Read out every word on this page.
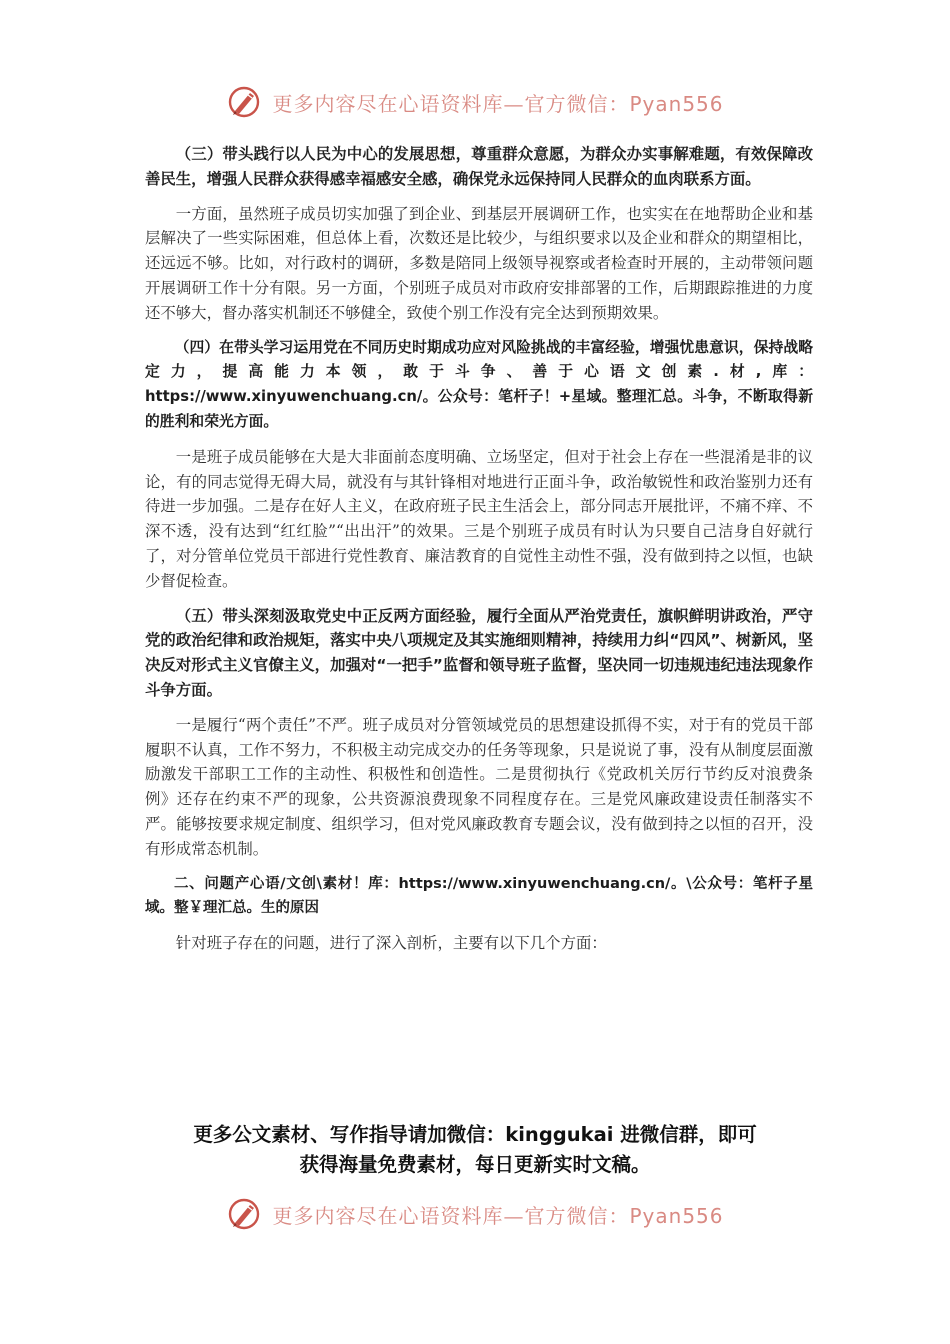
更多内容尽在心语资料库—官方微信：Pyan556

（三）带头践行以人民为中心的发展思想，尊重群众意愿，为群众办实事解难题，有效保障改善民生，增强人民群众获得感幸福感安全感，确保党永远保持同人民群众的血肉联系方面。

一方面，虽然班子成员切实加强了到企业、到基层开展调研工作，也实实在在地帮助企业和基层解决了一些实际困难，但总体上看，次数还是比较少，与组织要求以及企业和群众的期望相比，还远远不够。比如，对行政村的调研，多数是陪同上级领导视察或者检查时开展的，主动带领问题开展调研工作十分有限。另一方面，个别班子成员对市政府安排部署的工作，后期跟踪推进的力度还不够大，督办落实机制还不够健全，致使个别工作没有完全达到预期效果。

（四）在带头学习运用党在不同历史时期成功应对风险挑战的丰富经验，增强忧患意识，保持战略定力，提高能力本领，敢于斗争、善于心语文创素.材,库：https://www.xinyuwenchuang.cn/。公众号：笔杆子！+星域。整理汇总。斗争，不断取得新的胜利和荣光方面。

一是班子成员能够在大是大非面前态度明确、立场坚定，但对于社会上存在一些混淆是非的议论，有的同志觉得无碍大局，就没有与其针锋相对地进行正面斗争，政治敏锐性和政治鉴别力还有待进一步加强。二是存在好人主义，在政府班子民主生活会上，部分同志开展批评，不痛不痒、不深不透，没有达到“红红脸”“出出汗”的效果。三是个别班子成员有时认为只要自己洁身自好就行了，对分管单位党员干部进行党性教育、廉洁教育的自觉性主动性不强，没有做到持之以恒，也缺少督促检查。

（五）带头深刻汲取党史中正反两方面经验，履行全面从严治党责任，旗帜鲜明讲政治，严守党的政治纪律和政治规矩，落实中央八项规定及其实施细则精神，持续用力纠“四风”、树新风，坚决反对形式主义官僚主义，加强对“一把手”监督和领导班子监督，坚决同一切违规违纪违法现象作斗争方面。

一是履行“两个责任”不严。班子成员对分管领域党员的思想建设抓得不实，对于有的党员干部履职不认真，工作不努力，不积极主动完成交办的任务等现象，只是说说了事，没有从制度层面激励激发干部职工工作的主动性、积极性和创造性。二是贯彻执行《党政机关厉行节约反对浪费条例》还存在约束不严的现象，公共资源浪费现象不同程度存在。三是党风廉政建设责任制落实不严。能够按要求规定制度、组织学习，但对党风廉政教育专题会议，没有做到持之以恒的召开，没有形成常态机制。

二、问题产心语/文创\素材！库：https://www.xinyuwenchuang.cn/。\公众号：笔杆子星域。整￥理汇总。生的原因

针对班子存在的问题，进行了深入剖析，主要有以下几个方面：

更多公文素材、写作指导请加微信：kinggukai 进微信群，即可
获得海量免费素材，每日更新实时文稿。
更多内容尽在心语资料库—官方微信：Pyan556
